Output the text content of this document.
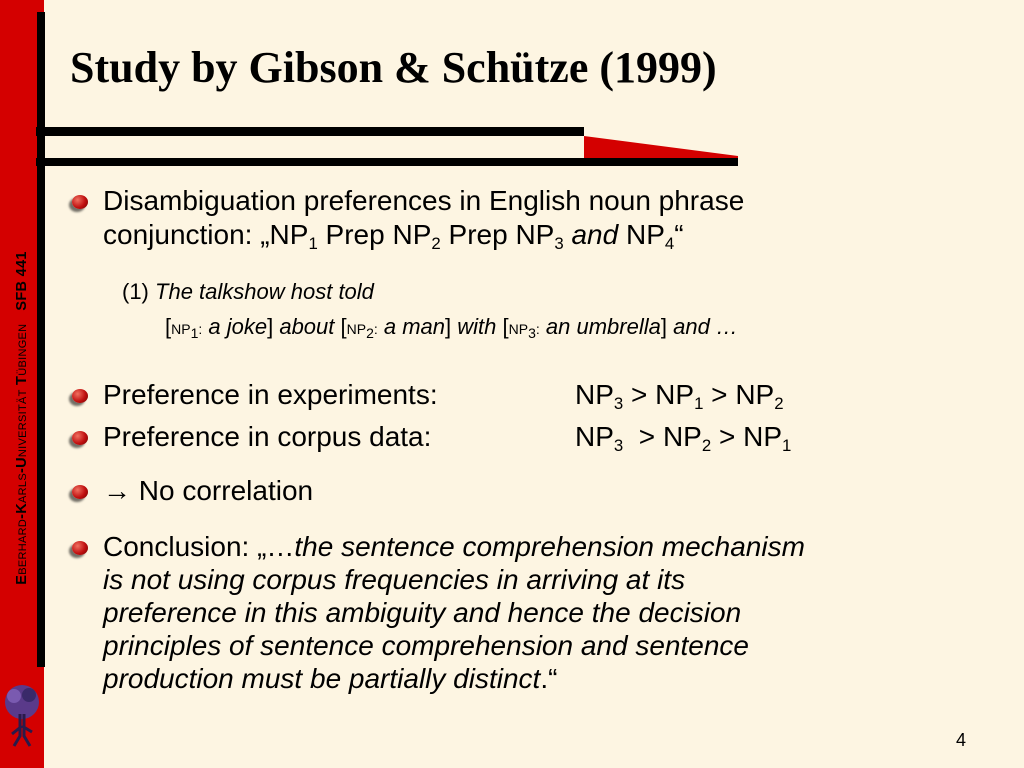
EBERHARD-KARLS-UNIVERSITÄT TÜBINGEN   SFB 441
Study by Gibson & Schütze (1999)
Disambiguation preferences in English noun phrase
conjunction: $„NP_1$ Prep $NP_2$ Prep $NP_3$ and $NP_4“$
(1) The talkshow host told
[$NP_1$: a joke] about [$NP_2$: a man] with [$NP_3$: an umbrella] and …
Preference in experiments:	$NP_3 > NP_1 > NP_2$
Preference in corpus data:	$NP_3 > NP_2 > NP_1$
→ No correlation
Conclusion: „…the sentence comprehension mechanism
is not using corpus frequencies in arriving at its
preference in this ambiguity and hence the decision
principles of sentence comprehension and sentence
production must be partially distinct.“
4
